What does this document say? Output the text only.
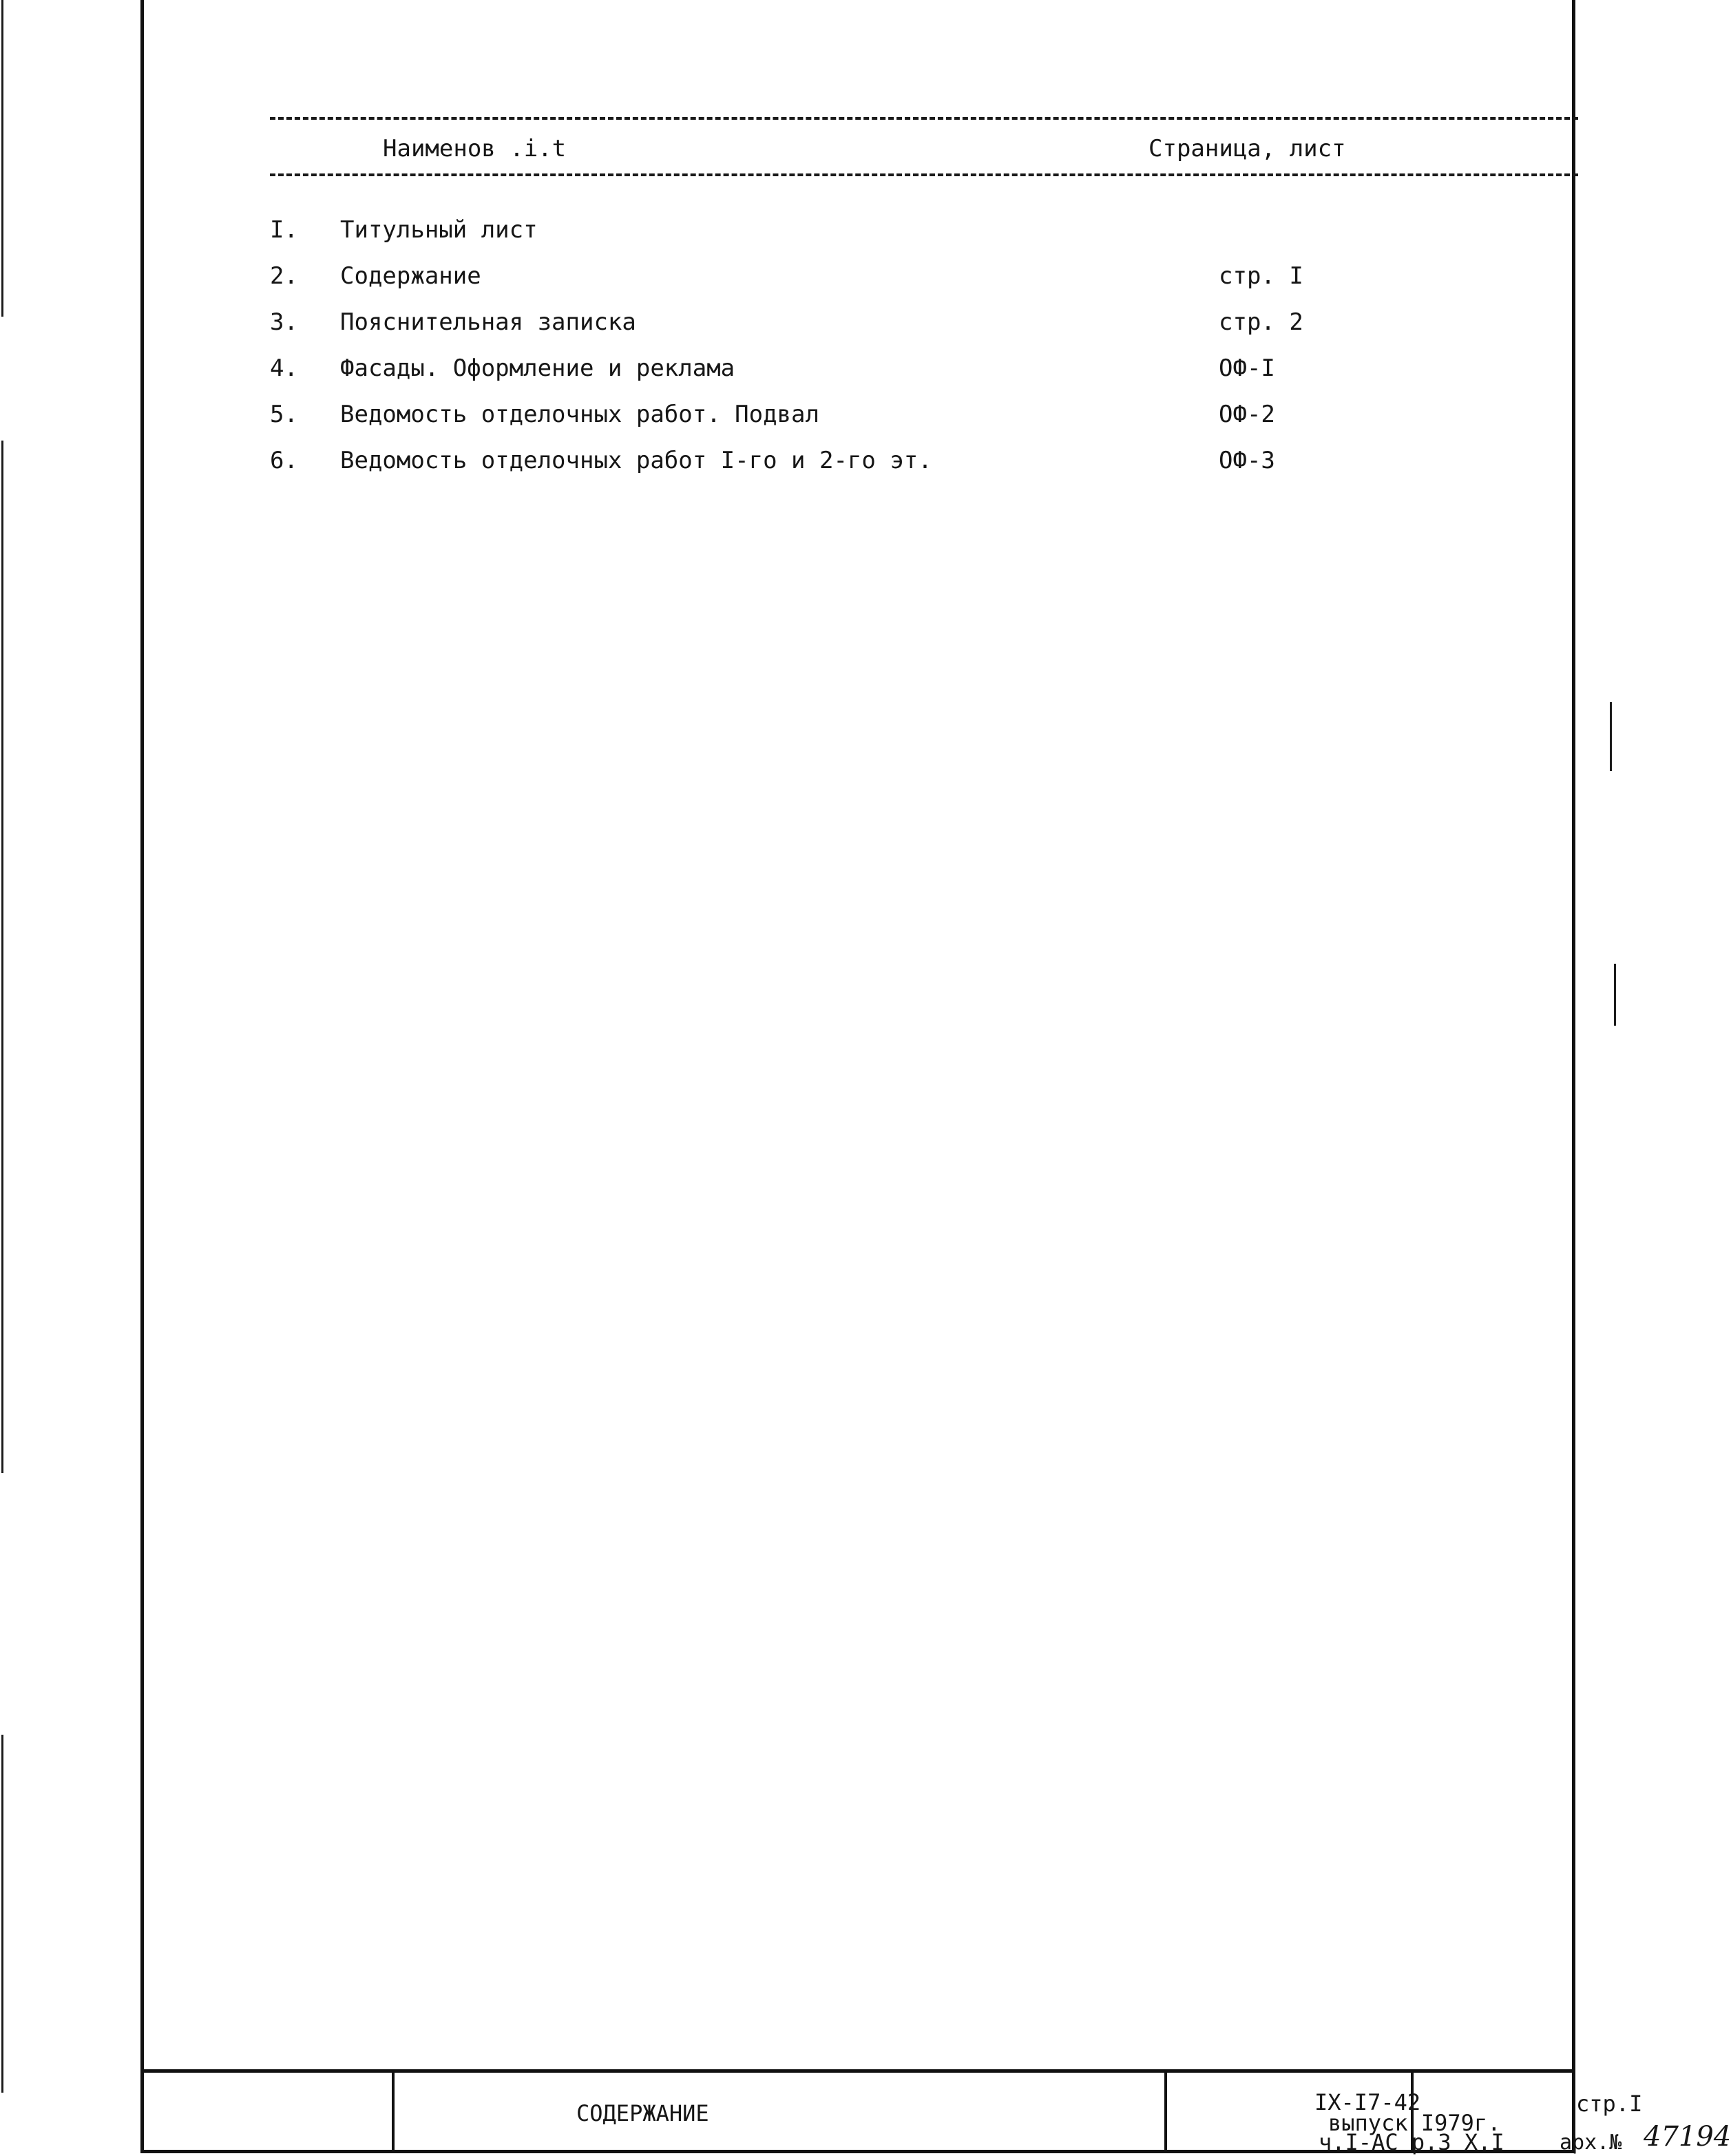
Наименов .і.t	Страница, лист
I. Титульный лист
2. Содержание	стр. I
3. Пояснительная записка	стр. 2
4. Фасады. Оформление и реклама	ОФ-I
5. Ведомость отделочных работ. Подвал	ОФ-2
6. Ведомость отделочных работ I-го и 2-го эт.	ОФ-3
СОДЕРЖАНИЕ	IX-I7-42
выпуск I979г.
ч.I-АС р.3 Х.I
стр.I
арх.№ 47194
